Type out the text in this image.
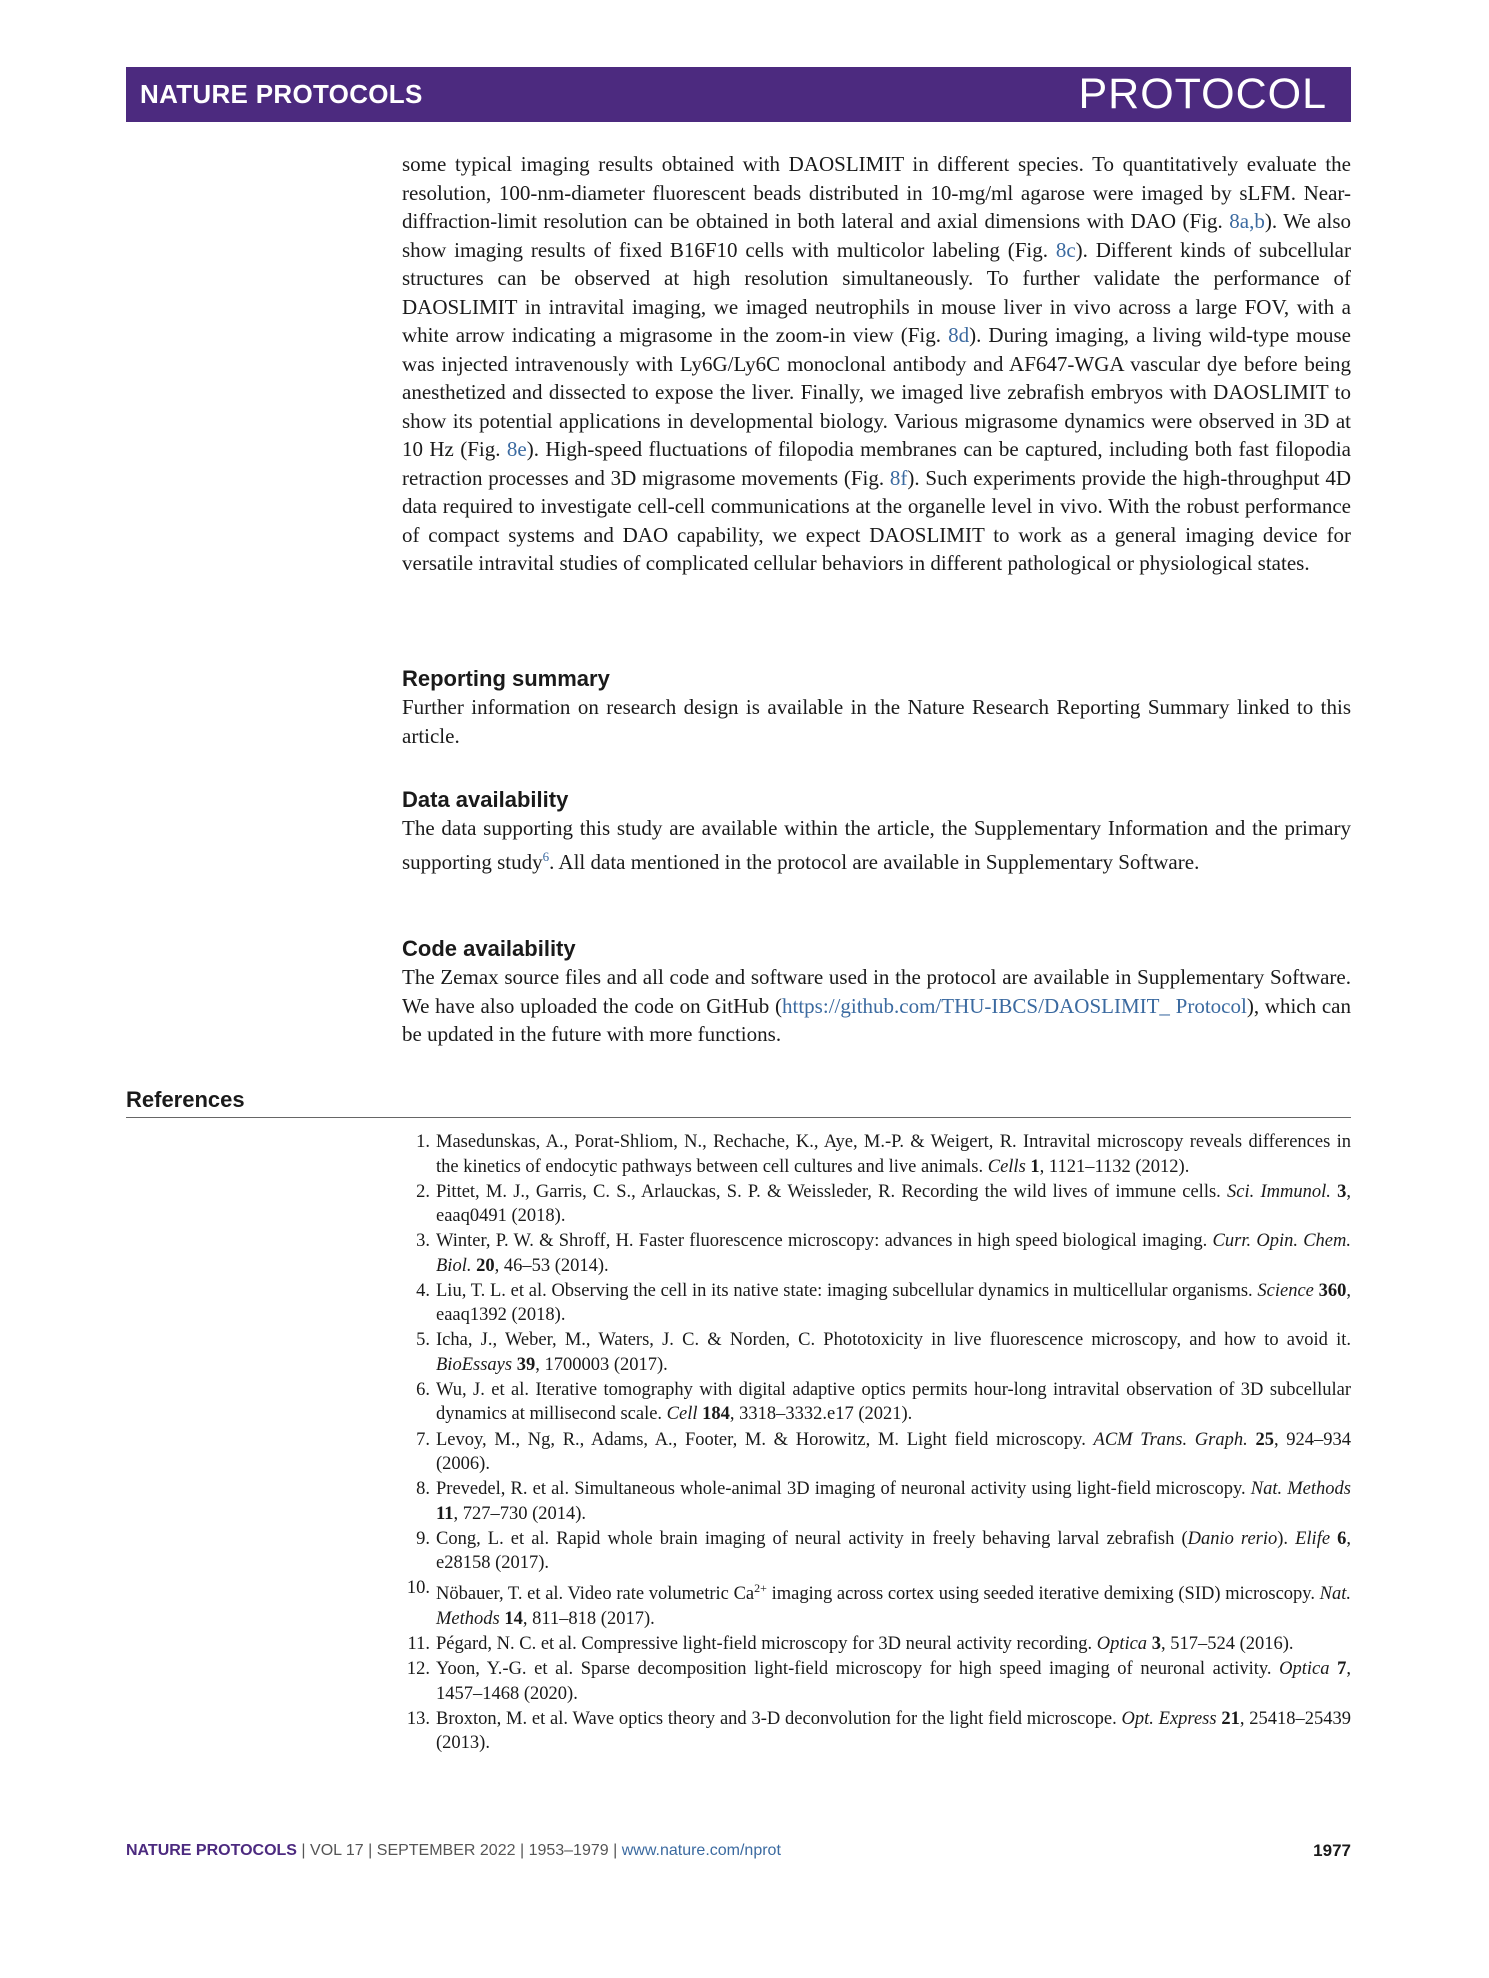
NATURE PROTOCOLS	PROTOCOL

some typical imaging results obtained with DAOSLIMIT in different species. To quantitatively evaluate the resolution, 100-nm-diameter fluorescent beads distributed in 10-mg/ml agarose were imaged by sLFM. Near-diffraction-limit resolution can be obtained in both lateral and axial dimensions with DAO (Fig. 8a,b). We also show imaging results of fixed B16F10 cells with multicolor labeling (Fig. 8c). Different kinds of subcellular structures can be observed at high resolution simultaneously. To further validate the performance of DAOSLIMIT in intravital imaging, we imaged neutrophils in mouse liver in vivo across a large FOV, with a white arrow indicating a migrasome in the zoom-in view (Fig. 8d). During imaging, a living wild-type mouse was injected intravenously with Ly6G/Ly6C monoclonal antibody and AF647-WGA vascular dye before being anesthetized and dissected to expose the liver. Finally, we imaged live zebrafish embryos with DAOSLIMIT to show its potential applications in developmental biology. Various migrasome dynamics were observed in 3D at 10 Hz (Fig. 8e). High-speed fluctuations of filopodia membranes can be captured, including both fast filopodia retraction processes and 3D migrasome movements (Fig. 8f). Such experiments provide the high-throughput 4D data required to investigate cell-cell communications at the organelle level in vivo. With the robust performance of compact systems and DAO capability, we expect DAOSLIMIT to work as a general imaging device for versatile intravital studies of complicated cellular behaviors in different pathological or physiological states.

Reporting summary

Further information on research design is available in the Nature Research Reporting Summary linked to this article.

Data availability

The data supporting this study are available within the article, the Supplementary Information and the primary supporting study$^6$. All data mentioned in the protocol are available in Supplementary Software.

Code availability

The Zemax source files and all code and software used in the protocol are available in Supplementary Software. We have also uploaded the code on GitHub (https://github.com/THU-IBCS/DAOSLIMIT_ Protocol), which can be updated in the future with more functions.

References
1. Masedunskas, A., Porat-Shliom, N., Rechache, K., Aye, M.-P. & Weigert, R. Intravital microscopy reveals differences in the kinetics of endocytic pathways between cell cultures and live animals. Cells 1, 1121–1132 (2012).
2. Pittet, M. J., Garris, C. S., Arlauckas, S. P. & Weissleder, R. Recording the wild lives of immune cells. Sci. Immunol. 3, eaaq0491 (2018).
3. Winter, P. W. & Shroff, H. Faster fluorescence microscopy: advances in high speed biological imaging. Curr. Opin. Chem. Biol. 20, 46–53 (2014).
4. Liu, T. L. et al. Observing the cell in its native state: imaging subcellular dynamics in multicellular organisms. Science 360, eaaq1392 (2018).
5. Icha, J., Weber, M., Waters, J. C. & Norden, C. Phototoxicity in live fluorescence microscopy, and how to avoid it. BioEssays 39, 1700003 (2017).
6. Wu, J. et al. Iterative tomography with digital adaptive optics permits hour-long intravital observation of 3D subcellular dynamics at millisecond scale. Cell 184, 3318–3332.e17 (2021).
7. Levoy, M., Ng, R., Adams, A., Footer, M. & Horowitz, M. Light field microscopy. ACM Trans. Graph. 25, 924–934 (2006).
8. Prevedel, R. et al. Simultaneous whole-animal 3D imaging of neuronal activity using light-field microscopy. Nat. Methods 11, 727–730 (2014).
9. Cong, L. et al. Rapid whole brain imaging of neural activity in freely behaving larval zebrafish (Danio rerio). Elife 6, e28158 (2017).
10. Nöbauer, T. et al. Video rate volumetric $Ca^{2+}$ imaging across cortex using seeded iterative demixing (SID) microscopy. Nat. Methods 14, 811–818 (2017).
11. Pégard, N. C. et al. Compressive light-field microscopy for 3D neural activity recording. Optica 3, 517–524 (2016).
12. Yoon, Y.-G. et al. Sparse decomposition light-field microscopy for high speed imaging of neuronal activity. Optica 7, 1457–1468 (2020).
13. Broxton, M. et al. Wave optics theory and 3-D deconvolution for the light field microscope. Opt. Express 21, 25418–25439 (2013).
NATURE PROTOCOLS | VOL 17 | SEPTEMBER 2022 | 1953–1979 | www.nature.com/nprot	1977
